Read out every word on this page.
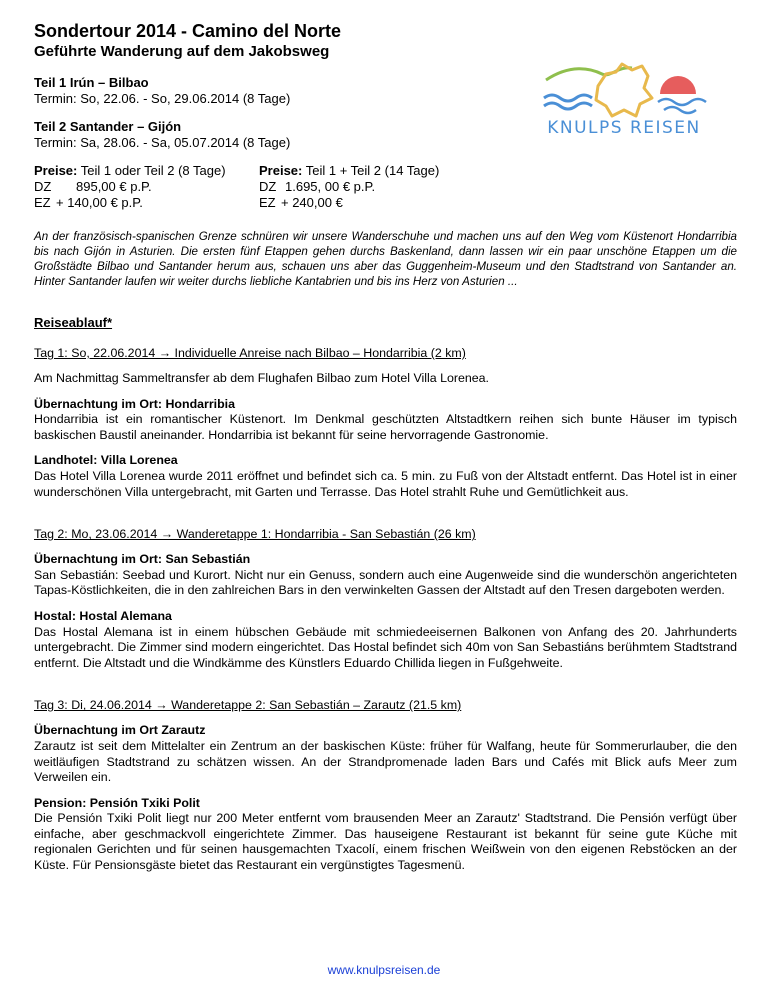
KNULPS REISEN
Sondertour 2014 - Camino del Norte
Geführte Wanderung auf dem Jakobsweg
Teil 1 Irún – Bilbao
Termin: So, 22.06. - So, 29.06.2014 (8 Tage)
Teil 2 Santander – Gijón
Termin: Sa, 28.06. - Sa, 05.07.2014 (8 Tage)
Preise: Teil 1 oder Teil 2 (8 Tage)
DZ	895,00 € p.P.
EZ + 140,00 € p.P.
Preise: Teil 1 + Teil 2 (14 Tage)
DZ 1.695, 00 € p.P.
EZ + 240,00 €

An der französisch-spanischen Grenze schnüren wir unsere Wanderschuhe und machen uns auf den Weg vom Küstenort Hondarribia bis nach Gijón in Asturien. Die ersten fünf Etappen gehen durchs Baskenland, dann lassen wir ein paar unschöne Etappen um die Großstädte Bilbao und Santander herum aus, schauen uns aber das Guggenheim-Museum und den Stadtstrand von Santander an. Hinter Santander laufen wir weiter durchs liebliche Kantabrien und bis ins Herz von Asturien ...

Reiseablauf*
Tag 1: So, 22.06.2014 → Individuelle Anreise nach Bilbao – Hondarribia (2 km)

Am Nachmittag Sammeltransfer ab dem Flughafen Bilbao zum Hotel Villa Lorenea.

Übernachtung im Ort: Hondarribia
Hondarribia ist ein romantischer Küstenort. Im Denkmal geschützten Altstadtkern reihen sich bunte Häuser im typisch baskischen Baustil aneinander. Hondarribia ist bekannt für seine hervorragende Gastronomie.

Landhotel: Villa Lorenea
Das Hotel Villa Lorenea wurde 2011 eröffnet und befindet sich ca. 5 min. zu Fuß von der Altstadt entfernt. Das Hotel ist in einer wunderschönen Villa untergebracht, mit Garten und Terrasse. Das Hotel strahlt Ruhe und Gemütlichkeit aus.

Tag 2: Mo, 23.06.2014 → Wanderetappe 1: Hondarribia - San Sebastián (26 km)

Übernachtung im Ort: San Sebastián
San Sebastián: Seebad und Kurort. Nicht nur ein Genuss, sondern auch eine Augenweide sind die wunderschön angerichteten Tapas-Köstlichkeiten, die in den zahlreichen Bars in den verwinkelten Gassen der Altstadt auf den Tresen dargeboten werden.

Hostal: Hostal Alemana
Das Hostal Alemana ist in einem hübschen Gebäude mit schmiedeeisernen Balkonen von Anfang des 20. Jahrhunderts untergebracht. Die Zimmer sind modern eingerichtet. Das Hostal befindet sich 40m von San Sebastiáns berühmtem Stadtstrand entfernt. Die Altstadt und die Windkämme des Künstlers Eduardo Chillida liegen in Fußgehweite.

Tag 3: Di, 24.06.2014 → Wanderetappe 2: San Sebastián – Zarautz (21.5 km)

Übernachtung im Ort Zarautz
Zarautz ist seit dem Mittelalter ein Zentrum an der baskischen Küste: früher für Walfang, heute für Sommerurlauber, die den weitläufigen Stadtstrand zu schätzen wissen. An der Strandpromenade laden Bars und Cafés mit Blick aufs Meer zum Verweilen ein.

Pension: Pensión Txiki Polit
Die Pensión Txiki Polit liegt nur 200 Meter entfernt vom brausenden Meer an Zarautz' Stadtstrand. Die Pensión verfügt über einfache, aber geschmackvoll eingerichtete Zimmer. Das hauseigene Restaurant ist bekannt für seine gute Küche mit regionalen Gerichten und für seinen hausgemachten Txacolí, einem frischen Weißwein von den eigenen Rebstöcken an der Küste. Für Pensionsgäste bietet das Restaurant ein vergünstigtes Tagesmenü.

www.knulpsreisen.de
